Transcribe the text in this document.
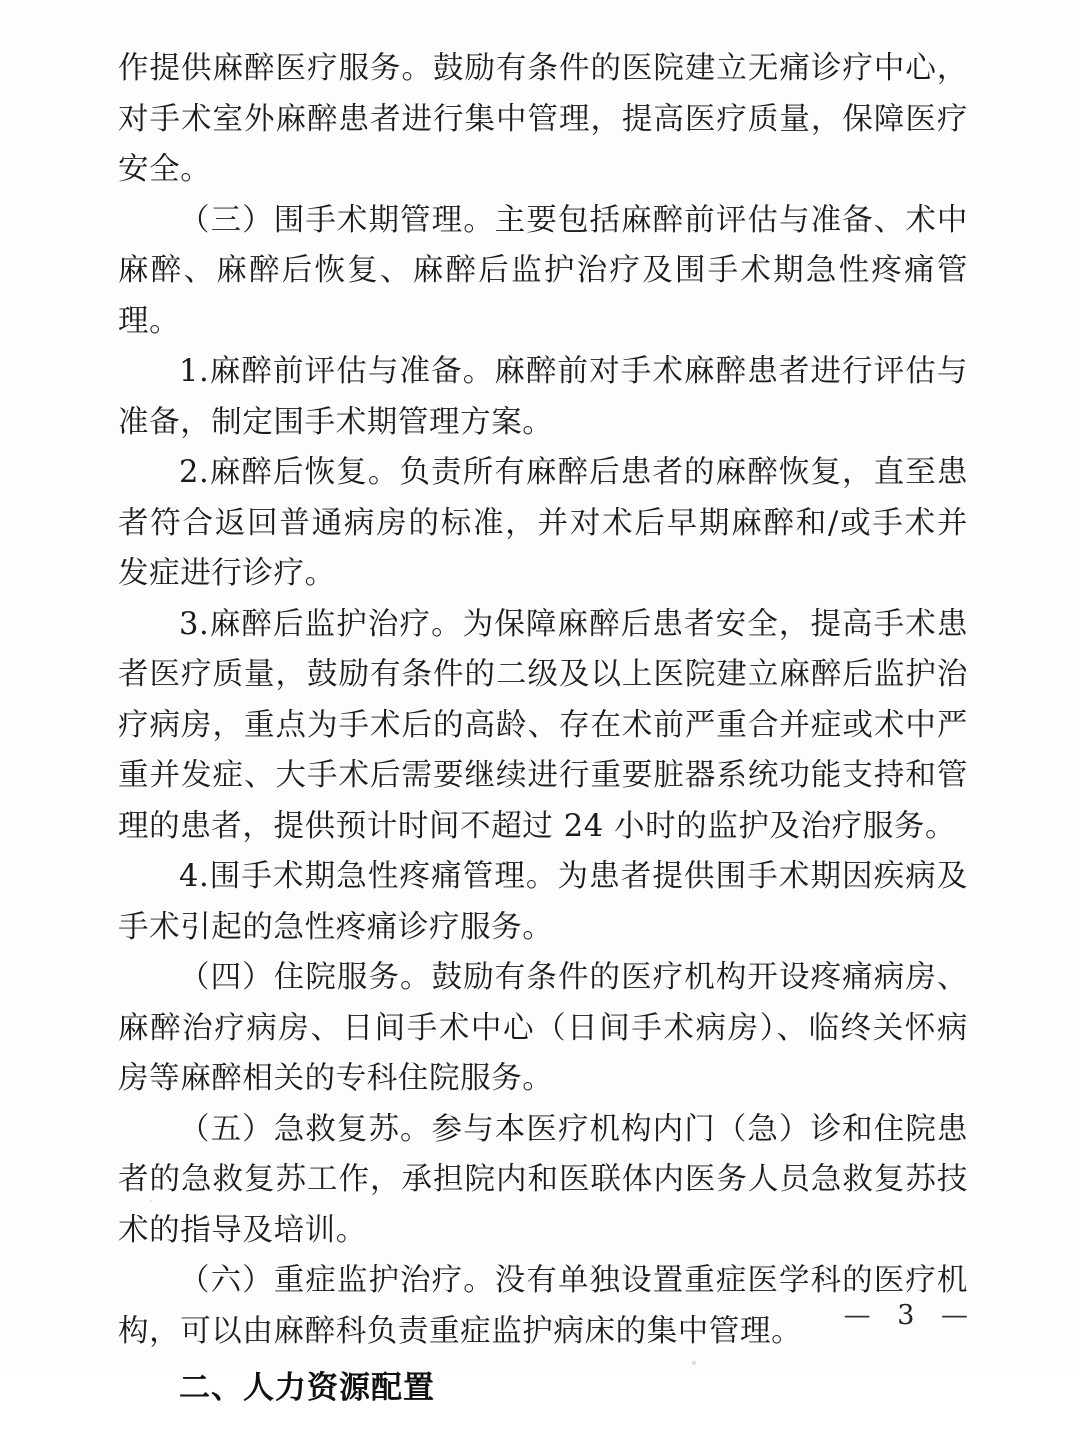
作提供麻醉医疗服务。鼓励有条件的医院建立无痛诊疗中心，对手术室外麻醉患者进行集中管理，提高医疗质量，保障医疗安全。

（三）围手术期管理。主要包括麻醉前评估与准备、术中麻醉、麻醉后恢复、麻醉后监护治疗及围手术期急性疼痛管理。

1.麻醉前评估与准备。麻醉前对手术麻醉患者进行评估与准备，制定围手术期管理方案。

2.麻醉后恢复。负责所有麻醉后患者的麻醉恢复，直至患者符合返回普通病房的标准，并对术后早期麻醉和/或手术并发症进行诊疗。

3.麻醉后监护治疗。为保障麻醉后患者安全，提高手术患者医疗质量，鼓励有条件的二级及以上医院建立麻醉后监护治疗病房，重点为手术后的高龄、存在术前严重合并症或术中严重并发症、大手术后需要继续进行重要脏器系统功能支持和管理的患者，提供预计时间不超过 24 小时的监护及治疗服务。

4.围手术期急性疼痛管理。为患者提供围手术期因疾病及手术引起的急性疼痛诊疗服务。

（四）住院服务。鼓励有条件的医疗机构开设疼痛病房、麻醉治疗病房、日间手术中心（日间手术病房）、临终关怀病房等麻醉相关的专科住院服务。

（五）急救复苏。参与本医疗机构内门（急）诊和住院患者的急救复苏工作，承担院内和医联体内医务人员急救复苏技术的指导及培训。

（六）重症监护治疗。没有单独设置重症医学科的医疗机构，可以由麻醉科负责重症监护病床的集中管理。

二、人力资源配置

— 3 —
